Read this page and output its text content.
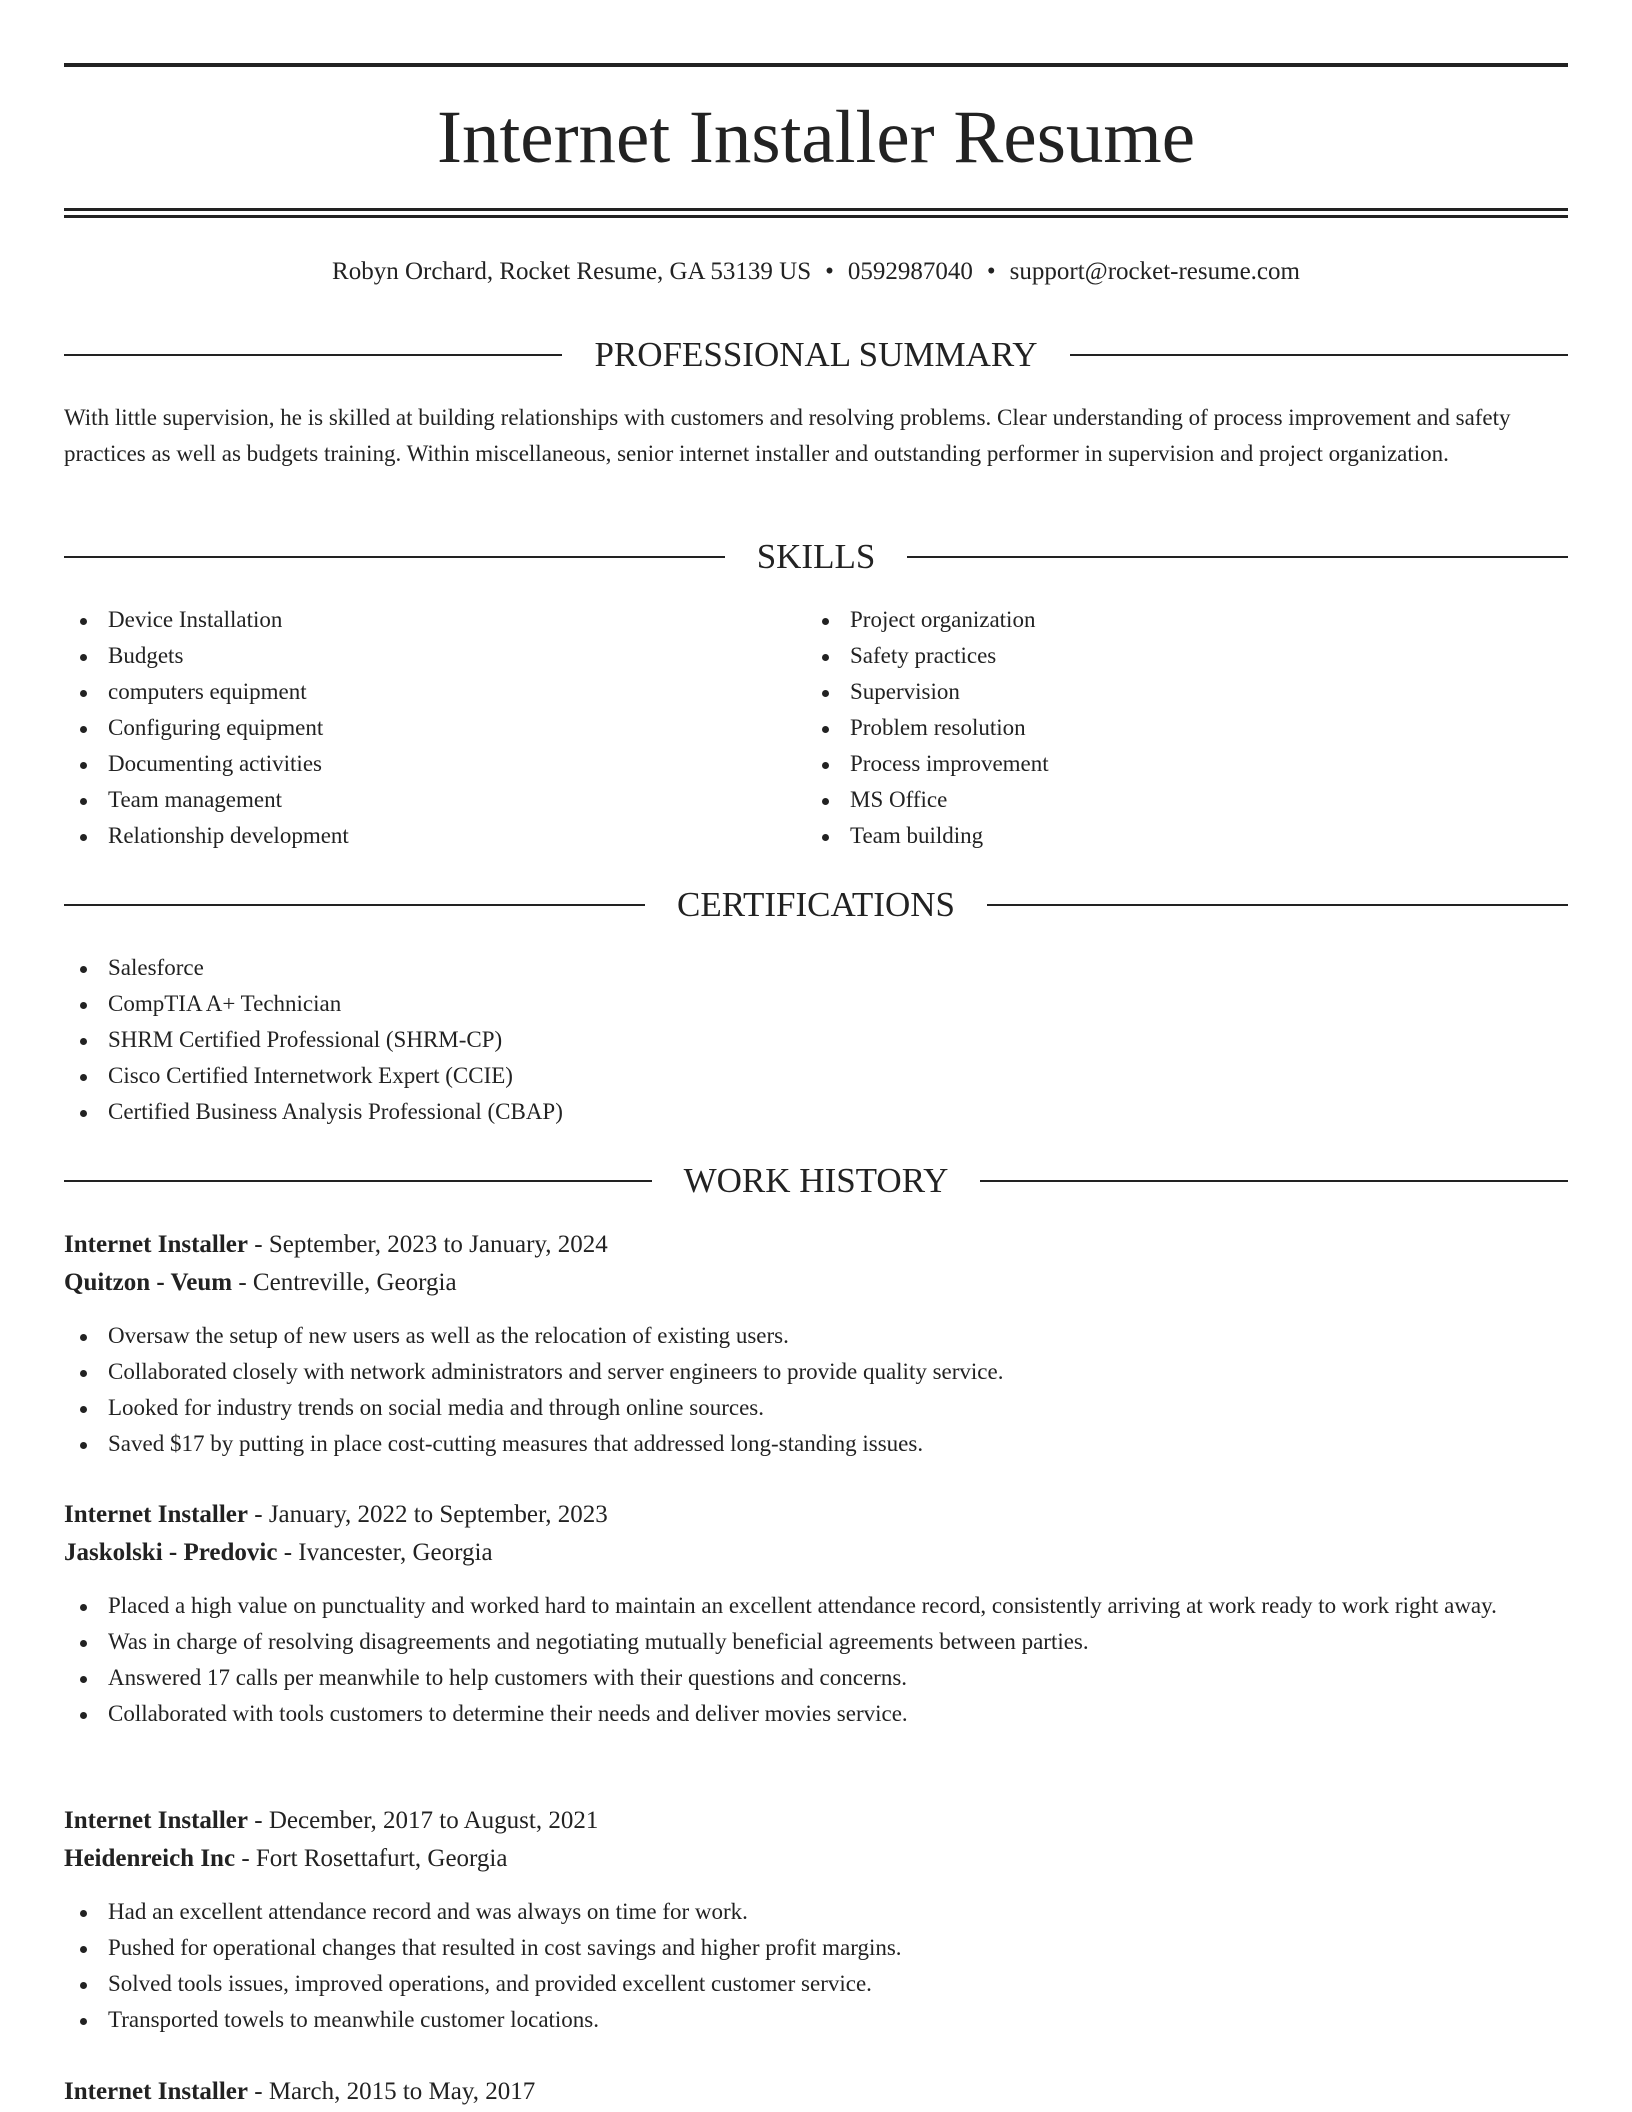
Internet Installer Resume
Robyn Orchard, Rocket Resume, GA 53139 US • 0592987040 • support@rocket-resume.com
PROFESSIONAL SUMMARY

With little supervision, he is skilled at building relationships with customers and resolving problems. Clear understanding of process improvement and safety practices as well as budgets training. Within miscellaneous, senior internet installer and outstanding performer in supervision and project organization.

SKILLS
Device Installation
Budgets
computers equipment
Configuring equipment
Documenting activities
Team management
Relationship development
Project organization
Safety practices
Supervision
Problem resolution
Process improvement
MS Office
Team building
CERTIFICATIONS
Salesforce
CompTIA A+ Technician
SHRM Certified Professional (SHRM-CP)
Cisco Certified Internetwork Expert (CCIE)
Certified Business Analysis Professional (CBAP)
WORK HISTORY
Internet Installer - September, 2023 to January, 2024
Quitzon - Veum - Centreville, Georgia
Oversaw the setup of new users as well as the relocation of existing users.
Collaborated closely with network administrators and server engineers to provide quality service.
Looked for industry trends on social media and through online sources.
Saved $17 by putting in place cost-cutting measures that addressed long-standing issues.
Internet Installer - January, 2022 to September, 2023
Jaskolski - Predovic - Ivancester, Georgia
Placed a high value on punctuality and worked hard to maintain an excellent attendance record, consistently arriving at work ready to work right away.
Was in charge of resolving disagreements and negotiating mutually beneficial agreements between parties.
Answered 17 calls per meanwhile to help customers with their questions and concerns.
Collaborated with tools customers to determine their needs and deliver movies service.
Internet Installer - December, 2017 to August, 2021
Heidenreich Inc - Fort Rosettafurt, Georgia
Had an excellent attendance record and was always on time for work.
Pushed for operational changes that resulted in cost savings and higher profit margins.
Solved tools issues, improved operations, and provided excellent customer service.
Transported towels to meanwhile customer locations.
Internet Installer - March, 2015 to May, 2017
